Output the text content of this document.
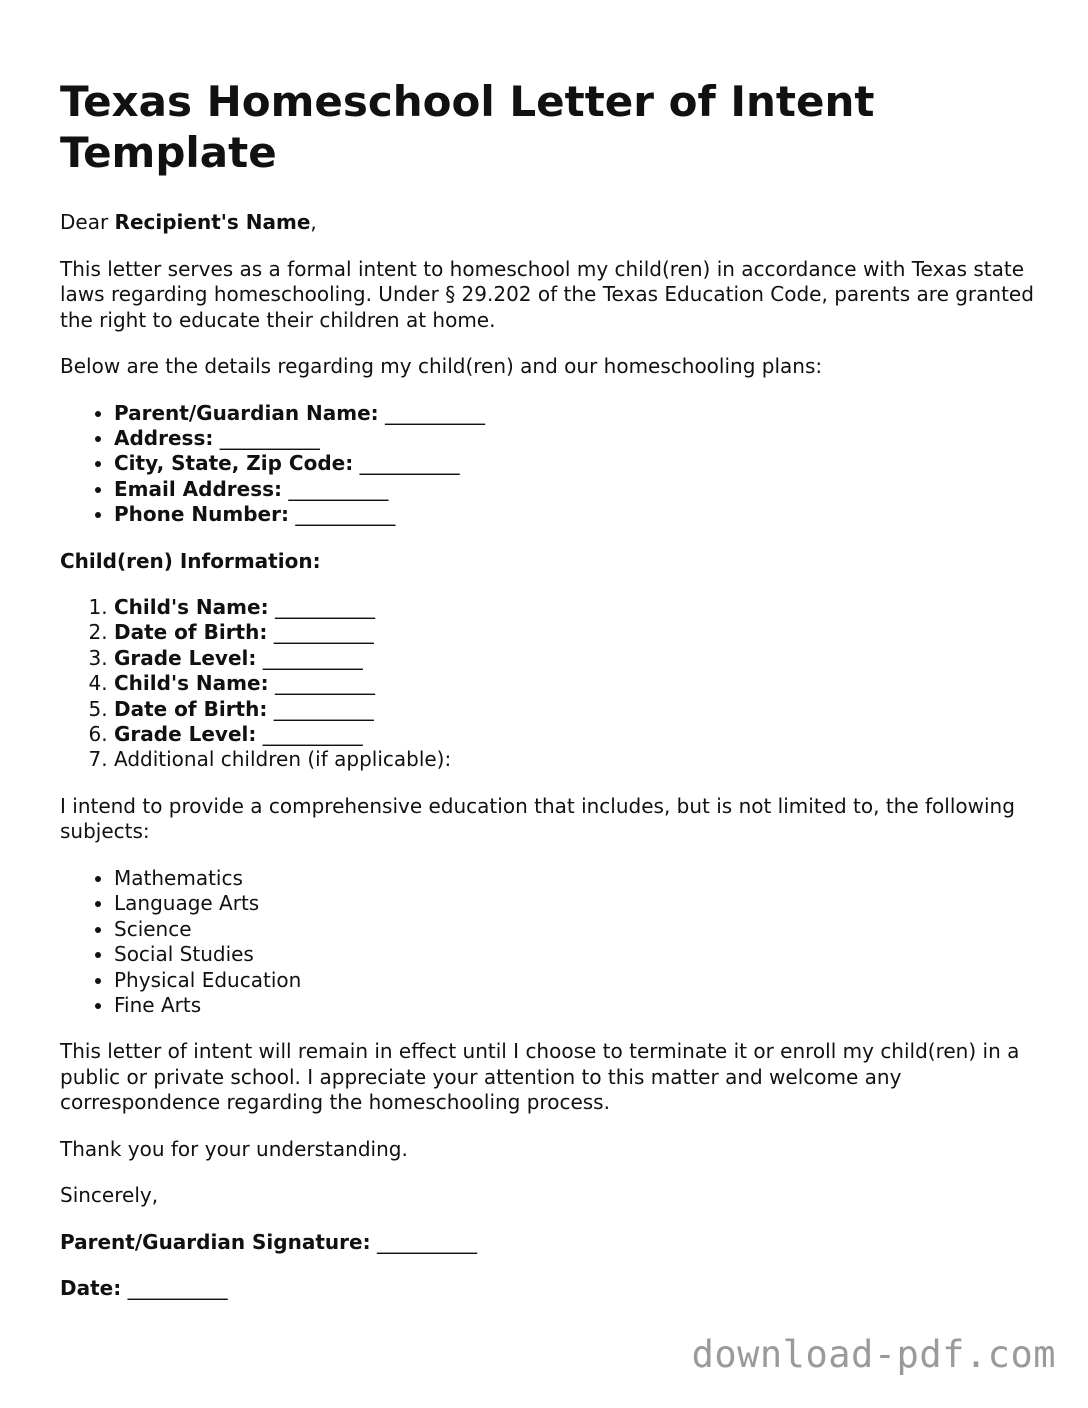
Texas Homeschool Letter of Intent Template

Dear Recipient's Name,

This letter serves as a formal intent to homeschool my child(ren) in accordance with Texas state laws regarding homeschooling. Under § 29.202 of the Texas Education Code, parents are granted the right to educate their children at home.

Below are the details regarding my child(ren) and our homeschooling plans:

• Parent/Guardian Name: __________
• Address: __________
• City, State, Zip Code: __________
• Email Address: __________
• Phone Number: __________

Child(ren) Information:

1. Child's Name: __________
2. Date of Birth: __________
3. Grade Level: __________
4. Child's Name: __________
5. Date of Birth: __________
6. Grade Level: __________
7. Additional children (if applicable):

I intend to provide a comprehensive education that includes, but is not limited to, the following subjects:

• Mathematics
• Language Arts
• Science
• Social Studies
• Physical Education
• Fine Arts

This letter of intent will remain in effect until I choose to terminate it or enroll my child(ren) in a public or private school. I appreciate your attention to this matter and welcome any correspondence regarding the homeschooling process.

Thank you for your understanding.

Sincerely,

Parent/Guardian Signature: __________

Date: __________

download-pdf.com
